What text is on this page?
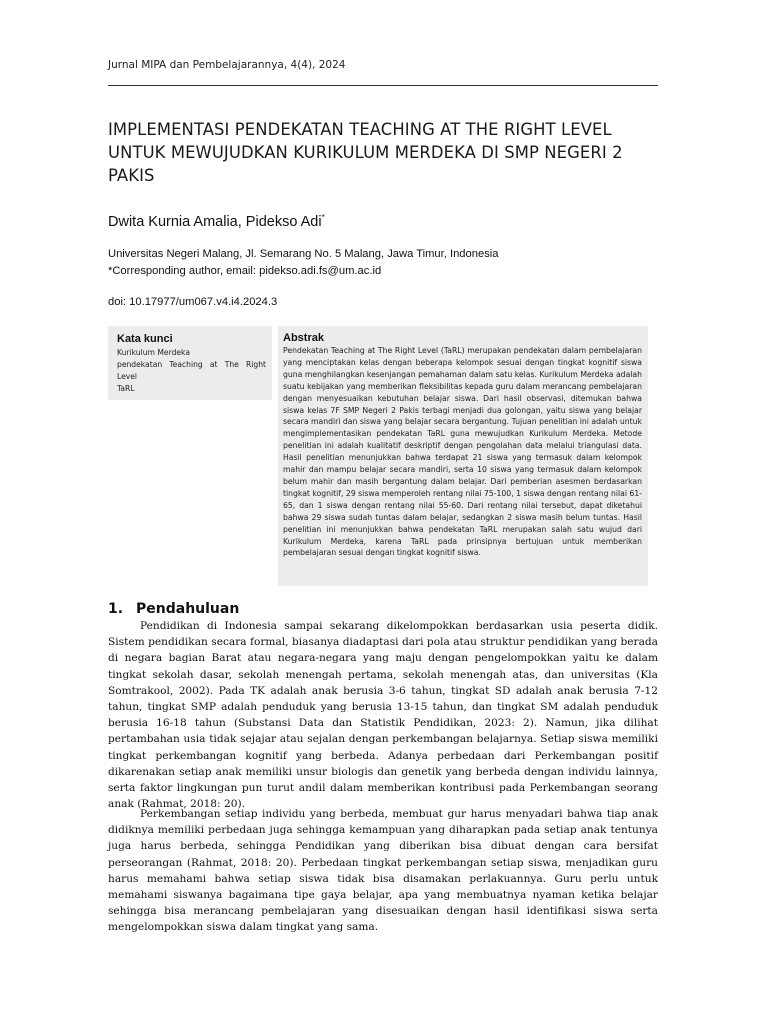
Jurnal MIPA dan Pembelajarannya, 4(4), 2024
IMPLEMENTASI PENDEKATAN TEACHING AT THE RIGHT LEVEL UNTUK MEWUJUDKAN KURIKULUM MERDEKA DI SMP NEGERI 2 PAKIS
Dwita Kurnia Amalia, Pidekso Adi*
Universitas Negeri Malang, Jl. Semarang No. 5 Malang, Jawa Timur, Indonesia
*Corresponding author, email: pidekso.adi.fs@um.ac.id
doi: 10.17977/um067.v4.i4.2024.3
Kata kunci
Kurikulum Merdeka
pendekatan Teaching at The Right Level
TaRL
Abstrak
Pendekatan Teaching at The Right Level (TaRL) merupakan pendekatan dalam pembelajaran yang menciptakan kelas dengan beberapa kelompok sesuai dengan tingkat kognitif siswa guna menghilangkan kesenjangan pemahaman dalam satu kelas. Kurikulum Merdeka adalah suatu kebijakan yang memberikan fleksibilitas kepada guru dalam merancang pembelajaran dengan menyesuaikan kebutuhan belajar siswa. Dari hasil observasi, ditemukan bahwa siswa kelas 7F SMP Negeri 2 Pakis terbagi menjadi dua golongan, yaitu siswa yang belajar secara mandiri dan siswa yang belajar secara bergantung. Tujuan penelitian ini adalah untuk mengimplementasikan pendekatan TaRL guna mewujudkan Kurikulum Merdeka. Metode penelitian ini adalah kualitatif deskriptif dengan pengolahan data melalui triangulasi data. Hasil penelitian menunjukkan bahwa terdapat 21 siswa yang termasuk dalam kelompok mahir dan mampu belajar secara mandiri, serta 10 siswa yang termasuk dalam kelompok belum mahir dan masih bergantung dalam belajar. Dari pemberian asesmen berdasarkan tingkat kognitif, 29 siswa memperoleh rentang nilai 75-100, 1 siswa dengan rentang nilai 61-65, dan 1 siswa dengan rentang nilai 55-60. Dari rentang nilai tersebut, dapat diketahui bahwa 29 siswa sudah tuntas dalam belajar, sedangkan 2 siswa masih belum tuntas. Hasil penelitian ini menunjukkan bahwa pendekatan TaRL merupakan salah satu wujud dari Kurikulum Merdeka, karena TaRL pada prinsipnya bertujuan untuk memberikan pembelajaran sesuai dengan tingkat kognitif siswa.
1. Pendahuluan
Pendidikan di Indonesia sampai sekarang dikelompokkan berdasarkan usia peserta didik. Sistem pendidikan secara formal, biasanya diadaptasi dari pola atau struktur pendidikan yang berada di negara bagian Barat atau negara-negara yang maju dengan pengelompokkan yaitu ke dalam tingkat sekolah dasar, sekolah menengah pertama, sekolah menengah atas, dan universitas (Kla Somtrakool, 2002). Pada TK adalah anak berusia 3-6 tahun, tingkat SD adalah anak berusia 7-12 tahun, tingkat SMP adalah penduduk yang berusia 13-15 tahun, dan tingkat SM adalah penduduk berusia 16-18 tahun (Substansi Data dan Statistik Pendidikan, 2023: 2). Namun, jika dilihat pertambahan usia tidak sejajar atau sejalan dengan perkembangan belajarnya. Setiap siswa memiliki tingkat perkembangan kognitif yang berbeda. Adanya perbedaan dari Perkembangan positif dikarenakan setiap anak memiliki unsur biologis dan genetik yang berbeda dengan individu lainnya, serta faktor lingkungan pun turut andil dalam memberikan kontribusi pada Perkembangan seorang anak (Rahmat, 2018: 20).
Perkembangan setiap individu yang berbeda, membuat gur harus menyadari bahwa tiap anak didiknya memiliki perbedaan juga sehingga kemampuan yang diharapkan pada setiap anak tentunya juga harus berbeda, sehingga Pendidikan yang diberikan bisa dibuat dengan cara bersifat perseorangan (Rahmat, 2018: 20). Perbedaan tingkat perkembangan setiap siswa, menjadikan guru harus memahami bahwa setiap siswa tidak bisa disamakan perlakuannya. Guru perlu untuk memahami siswanya bagaimana tipe gaya belajar, apa yang membuatnya nyaman ketika belajar sehingga bisa merancang pembelajaran yang disesuaikan dengan hasil identifikasi siswa serta mengelompokkan siswa dalam tingkat yang sama.
